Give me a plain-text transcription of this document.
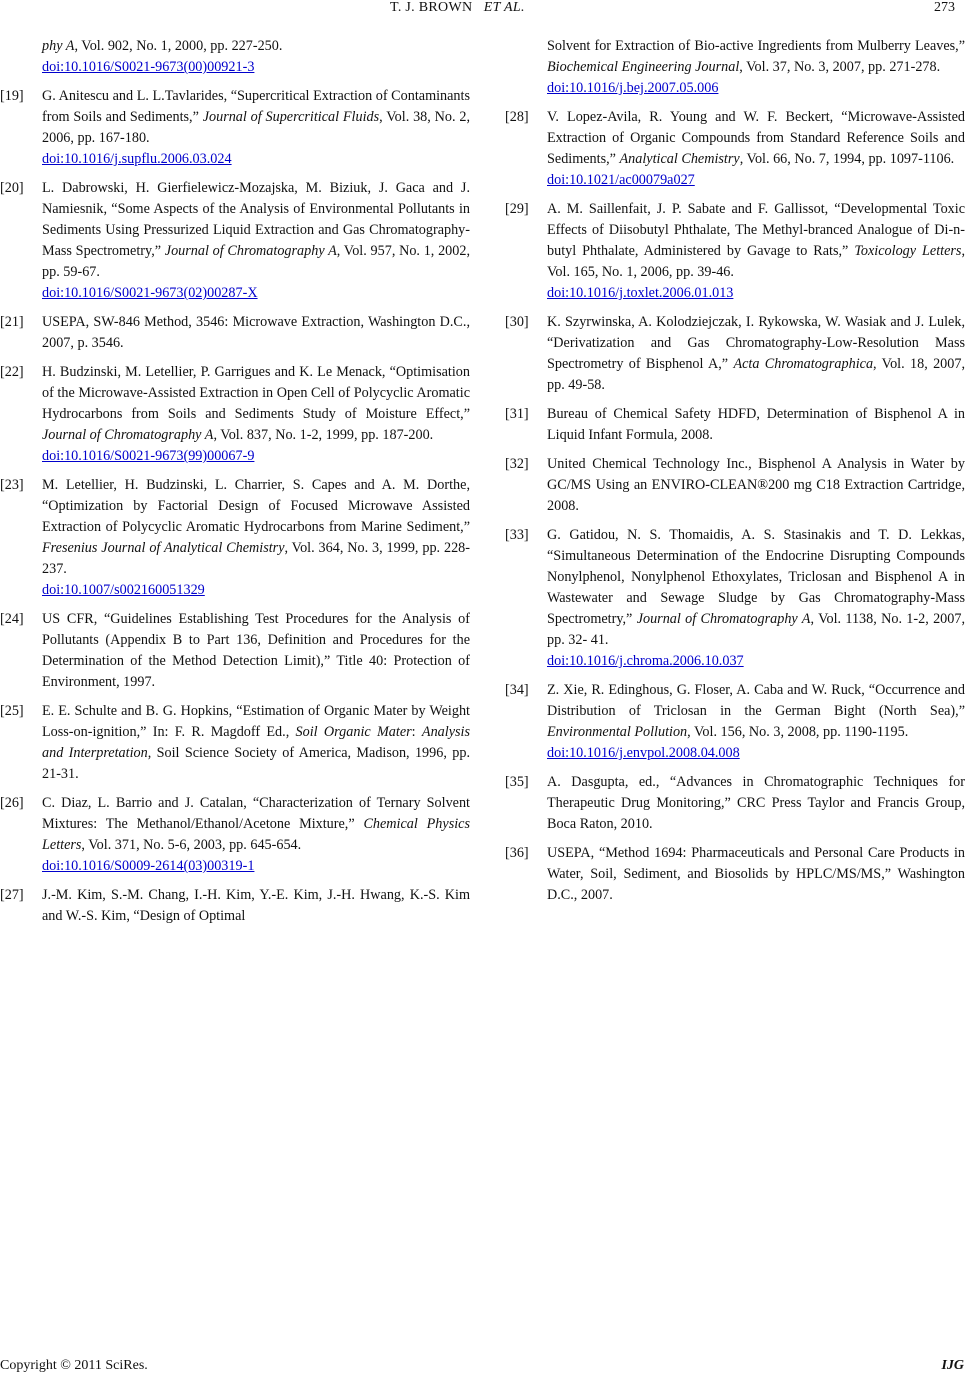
T. J. BROWN ET AL.	273
phy A, Vol. 902, No. 1, 2000, pp. 227-250.
doi:10.1016/S0021-9673(00)00921-3
[19]	G. Anitescu and L. L.Tavlarides, “Supercritical Extraction of Contaminants from Soils and Sediments,” Journal of Supercritical Fluids, Vol. 38, No. 2, 2006, pp. 167-180.
doi:10.1016/j.supflu.2006.03.024
[20]	L. Dabrowski, H. Gierfielewicz-Mozajska, M. Biziuk, J. Gaca and J. Namiesnik, “Some Aspects of the Analysis of Environmental Pollutants in Sediments Using Pressurized Liquid Extraction and Gas Chromatography-Mass Spectrometry,” Journal of Chromatography A, Vol. 957, No. 1, 2002, pp. 59-67.
doi:10.1016/S0021-9673(02)00287-X
[21]	USEPA, SW-846 Method, 3546: Microwave Extraction, Washington D.C., 2007, p. 3546.
[22]	H. Budzinski, M. Letellier, P. Garrigues and K. Le Menack, “Optimisation of the Microwave-Assisted Extraction in Open Cell of Polycyclic Aromatic Hydrocarbons from Soils and Sediments Study of Moisture Effect,” Journal of Chromatography A, Vol. 837, No. 1-2, 1999, pp. 187-200.
doi:10.1016/S0021-9673(99)00067-9
[23]	M. Letellier, H. Budzinski, L. Charrier, S. Capes and A. M. Dorthe, “Optimization by Factorial Design of Focused Microwave Assisted Extraction of Polycyclic Aromatic Hydrocarbons from Marine Sediment,” Fresenius Journal of Analytical Chemistry, Vol. 364, No. 3, 1999, pp. 228-237.
doi:10.1007/s002160051329
[24]	US CFR, “Guidelines Establishing Test Procedures for the Analysis of Pollutants (Appendix B to Part 136, Definition and Procedures for the Determination of the Method Detection Limit),” Title 40: Protection of Environment, 1997.
[25]	E. E. Schulte and B. G. Hopkins, “Estimation of Organic Mater by Weight Loss-on-ignition,” In: F. R. Magdoff Ed., Soil Organic Mater: Analysis and Interpretation, Soil Science Society of America, Madison, 1996, pp. 21-31.
[26]	C. Diaz, L. Barrio and J. Catalan, “Characterization of Ternary Solvent Mixtures: The Methanol/Ethanol/Acetone Mixture,” Chemical Physics Letters, Vol. 371, No. 5-6, 2003, pp. 645-654.
doi:10.1016/S0009-2614(03)00319-1
[27]	J.-M. Kim, S.-M. Chang, I.-H. Kim, Y.-E. Kim, J.-H. Hwang, K.-S. Kim and W.-S. Kim, “Design of Optimal
Solvent for Extraction of Bio-active Ingredients from Mulberry Leaves,” Biochemical Engineering Journal, Vol. 37, No. 3, 2007, pp. 271-278.
doi:10.1016/j.bej.2007.05.006
[28]	V. Lopez-Avila, R. Young and W. F. Beckert, “Microwave-Assisted Extraction of Organic Compounds from Standard Reference Soils and Sediments,” Analytical Chemistry, Vol. 66, No. 7, 1994, pp. 1097-1106.
doi:10.1021/ac00079a027
[29]	A. M. Saillenfait, J. P. Sabate and F. Gallissot, “Developmental Toxic Effects of Diisobutyl Phthalate, The Methyl-branced Analogue of Di-n-butyl Phthalate, Administered by Gavage to Rats,” Toxicology Letters, Vol. 165, No. 1, 2006, pp. 39-46.
doi:10.1016/j.toxlet.2006.01.013
[30]	K. Szyrwinska, A. Kolodziejczak, I. Rykowska, W. Wasiak and J. Lulek, “Derivatization and Gas Chromatography-Low-Resolution Mass Spectrometry of Bisphenol A,” Acta Chromatographica, Vol. 18, 2007, pp. 49-58.
[31]	Bureau of Chemical Safety HDFD, Determination of Bisphenol A in Liquid Infant Formula, 2008.
[32]	United Chemical Technology Inc., Bisphenol A Analysis in Water by GC/MS Using an ENVIRO-CLEAN®200 mg C18 Extraction Cartridge, 2008.
[33]	G. Gatidou, N. S. Thomaidis, A. S. Stasinakis and T. D. Lekkas, “Simultaneous Determination of the Endocrine Disrupting Compounds Nonylphenol, Nonylphenol Ethoxylates, Triclosan and Bisphenol A in Wastewater and Sewage Sludge by Gas Chromatography-Mass Spectrometry,” Journal of Chromatography A, Vol. 1138, No. 1-2, 2007, pp. 32- 41.
doi:10.1016/j.chroma.2006.10.037
[34]	Z. Xie, R. Edinghous, G. Floser, A. Caba and W. Ruck, “Occurrence and Distribution of Triclosan in the German Bight (North Sea),” Environmental Pollution, Vol. 156, No. 3, 2008, pp. 1190-1195.
doi:10.1016/j.envpol.2008.04.008
[35]	A. Dasgupta, ed., “Advances in Chromatographic Techniques for Therapeutic Drug Monitoring,” CRC Press Taylor and Francis Group, Boca Raton, 2010.
[36]	USEPA, “Method 1694: Pharmaceuticals and Personal Care Products in Water, Soil, Sediment, and Biosolids by HPLC/MS/MS,” Washington D.C., 2007.
Copyright © 2011 SciRes.	IJG
